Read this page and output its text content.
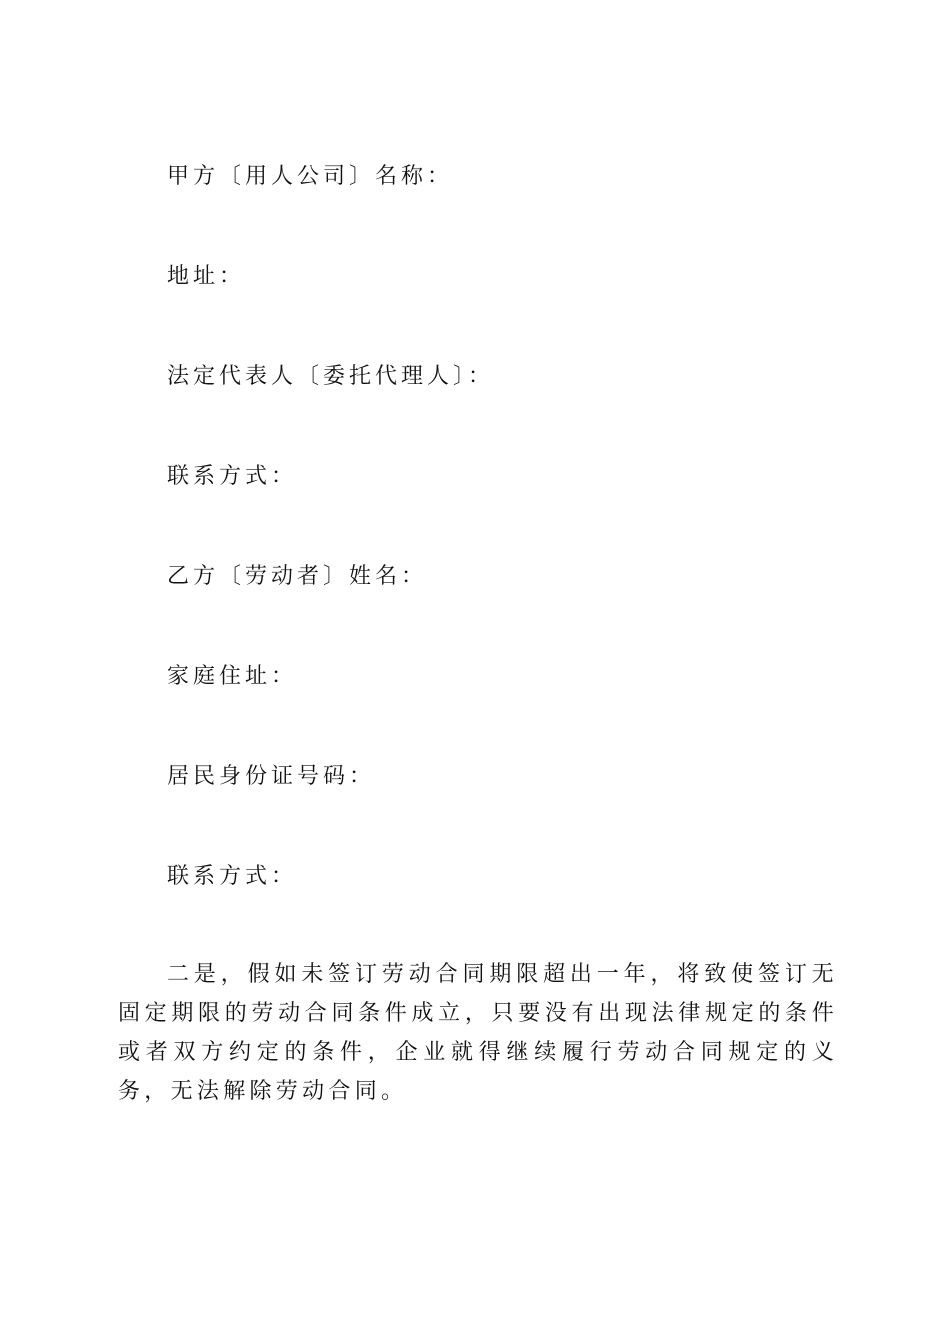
甲方〔用人公司〕名称：
地址：
法定代表人〔委托代理人〕：
联系方式：
乙方〔劳动者〕姓名：
家庭住址：
居民身份证号码：
联系方式：

二是，假如未签订劳动合同期限超出一年，将致使签订无固定期限的劳动合同条件成立，只要没有出现法律规定的条件或者双方约定的条件，企业就得继续履行劳动合同规定的义务，无法解除劳动合同。
